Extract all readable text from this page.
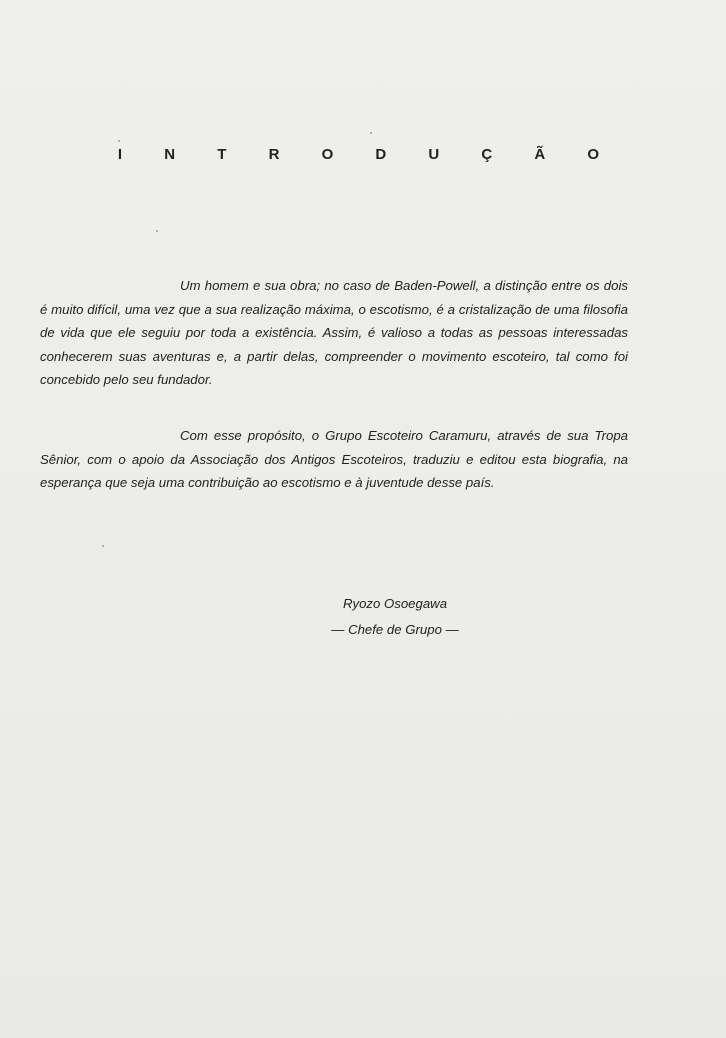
I N T R O D U Ç Ã O

Um homem e sua obra; no caso de Baden-Powell, a distinção entre os dois é muito difícil, uma vez que a sua realização máxima, o escotismo, é a cristalização de uma filosofia de vida que ele seguiu por toda a existência. Assim, é valioso a todas as pessoas interessadas conhecerem suas aventuras e, a partir delas, compreender o movimento escoteiro, tal como foi concebido pelo seu fundador.

Com esse propósito, o Grupo Escoteiro Caramuru, através de sua Tropa Sênior, com o apoio da Associação dos Antigos Escoteiros, traduziu e editou esta biografia, na esperança que seja uma contribuição ao escotismo e à juventude desse país.

Ryozo Osoegawa

— Chefe de Grupo —
